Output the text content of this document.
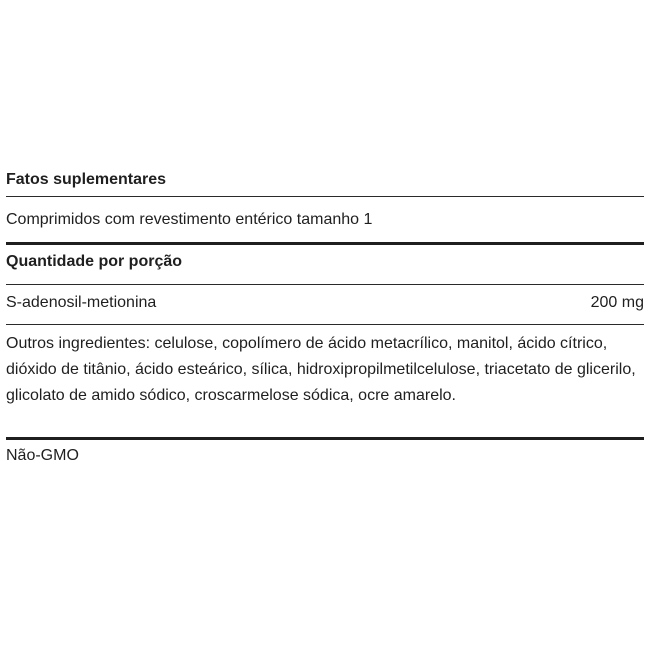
Fatos suplementares
Comprimidos com revestimento entérico tamanho 1
Quantidade por porção
S-adenosil-metionina	200 mg
Outros ingredientes: celulose, copolímero de ácido metacrílico, manitol, ácido cítrico, dióxido de titânio, ácido esteárico, sílica, hidroxipropilmetilcelulose, triacetato de glicerilo, glicolato de amido sódico, croscarmelose sódica, ocre amarelo.
Não-GMO
